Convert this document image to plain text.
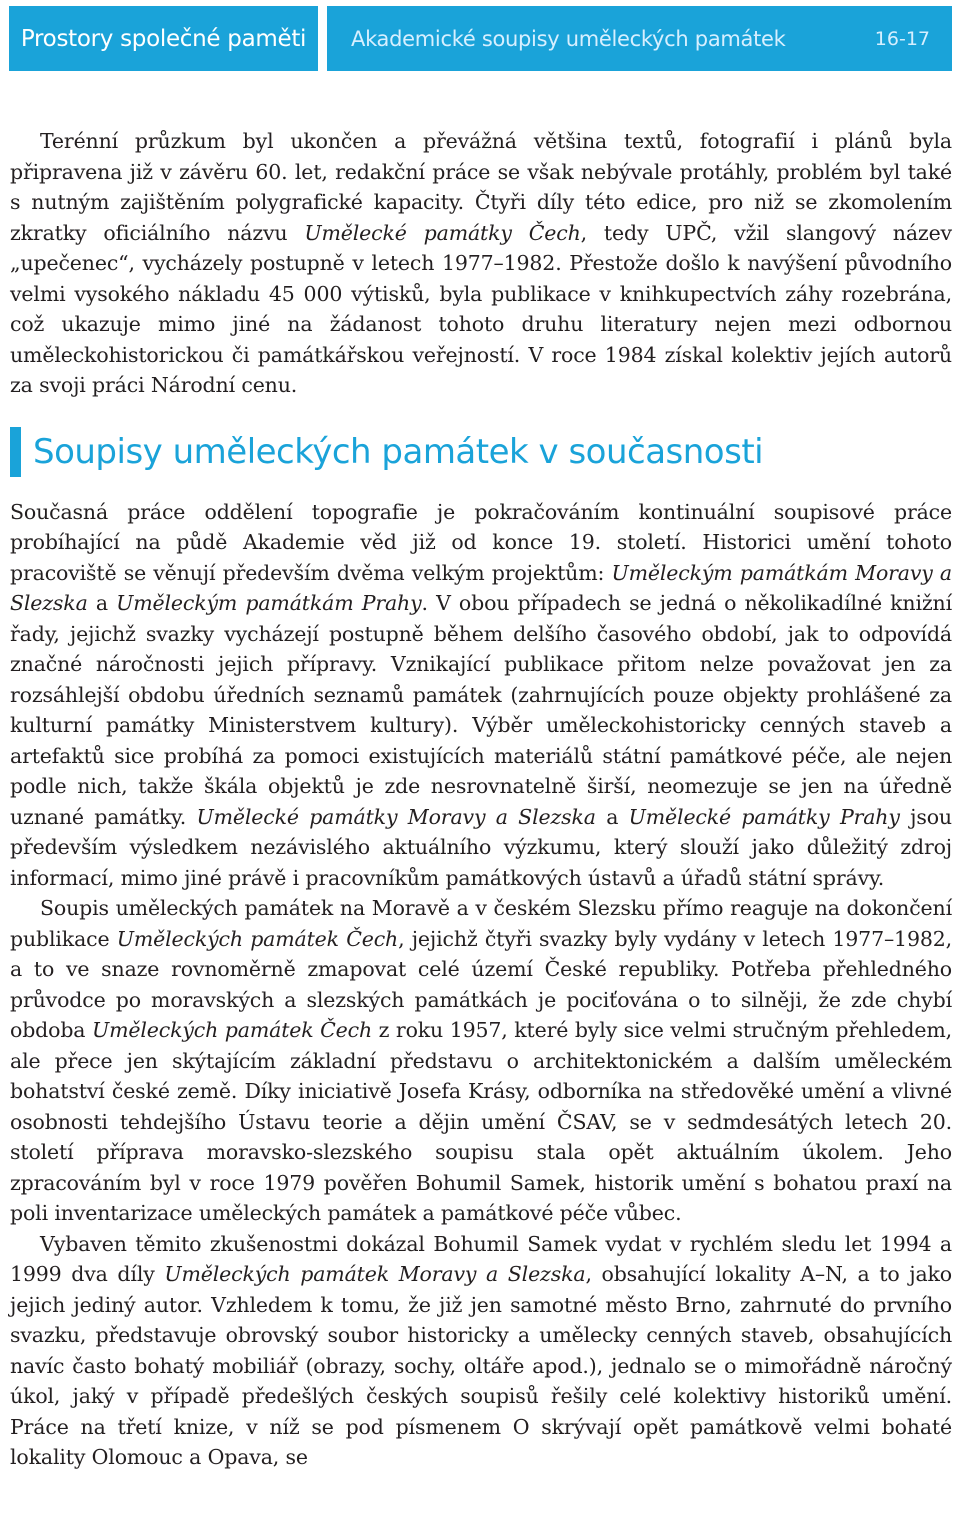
Prostory společné paměti Akademické soupisy uměleckých památek	16-17

Terénní průzkum byl ukončen a převážná většina textů, fotografií i plánů byla připravena již v závěru 60. let, redakční práce se však nebývale protáhly, problém byl také s nutným zajištěním polygrafické kapacity. Čtyři díly této edice, pro niž se zkomolením zkratky oficiálního názvu Umělecké památky Čech, tedy UPČ, vžil slangový název „upečenec“, vycházely postupně v letech 1977–1982. Přestože došlo k navýšení původního velmi vysokého nákladu 45 000 výtisků, byla publikace v knihkupectvích záhy rozebrána, což ukazuje mimo jiné na žádanost tohoto druhu literatury nejen mezi odbornou uměleckohistorickou či památkářskou veřejností. V roce 1984 získal kolektiv jejích autorů za svoji práci Národní cenu.

Soupisy uměleckých památek v současnosti

Současná práce oddělení topografie je pokračováním kontinuální soupisové práce probíhající na půdě Akademie věd již od konce 19. století. Historici umění tohoto pracoviště se věnují především dvěma velkým projektům: Uměleckým památkám Moravy a Slezska a Uměleckým památkám Prahy. V obou případech se jedná o několikadílné knižní řady, jejichž svazky vycházejí postupně během delšího časového období, jak to odpovídá značné náročnosti jejich přípravy. Vznikající publikace přitom nelze považovat jen za rozsáhlejší obdobu úředních seznamů památek (zahrnujících pouze objekty prohlášené za kulturní památky Ministerstvem kultury). Výběr uměleckohistoricky cenných staveb a artefaktů sice probíhá za pomoci existujících materiálů státní památkové péče, ale nejen podle nich, takže škála objektů je zde nesrovnatelně širší, neomezuje se jen na úředně uznané památky. Umělecké památky Moravy a Slezska a Umělecké památky Prahy jsou především výsledkem nezávislého aktuálního výzkumu, který slouží jako důležitý zdroj informací, mimo jiné právě i pracovníkům památkových ústavů a úřadů státní správy.

Soupis uměleckých památek na Moravě a v českém Slezsku přímo reaguje na dokončení publikace Uměleckých památek Čech, jejichž čtyři svazky byly vydány v letech 1977–1982, a to ve snaze rovnoměrně zmapovat celé území České republiky. Potřeba přehledného průvodce po moravských a slezských památkách je pociťována o to silněji, že zde chybí obdoba Uměleckých památek Čech z roku 1957, které byly sice velmi stručným přehledem, ale přece jen skýtajícím základní představu o architektonickém a dalším uměleckém bohatství české země. Díky iniciativě Josefa Krásy, odborníka na středověké umění a vlivné osobnosti tehdejšího Ústavu teorie a dějin umění ČSAV, se v sedmdesátých letech 20. století příprava moravsko-slezského soupisu stala opět aktuálním úkolem. Jeho zpracováním byl v roce 1979 pověřen Bohumil Samek, historik umění s bohatou praxí na poli inventarizace uměleckých památek a památkové péče vůbec.

Vybaven těmito zkušenostmi dokázal Bohumil Samek vydat v rychlém sledu let 1994 a 1999 dva díly Uměleckých památek Moravy a Slezska, obsahující lokality A–N, a to jako jejich jediný autor. Vzhledem k tomu, že již jen samotné město Brno, zahrnuté do prvního svazku, představuje obrovský soubor historicky a umělecky cenných staveb, obsahujících navíc často bohatý mobiliář (obrazy, sochy, oltáře apod.), jednalo se o mimořádně náročný úkol, jaký v případě předešlých českých soupisů řešily celé kolektivy historiků umění. Práce na třetí knize, v níž se pod písmenem O skrývají opět památkově velmi bohaté lokality Olomouc a Opava, se
